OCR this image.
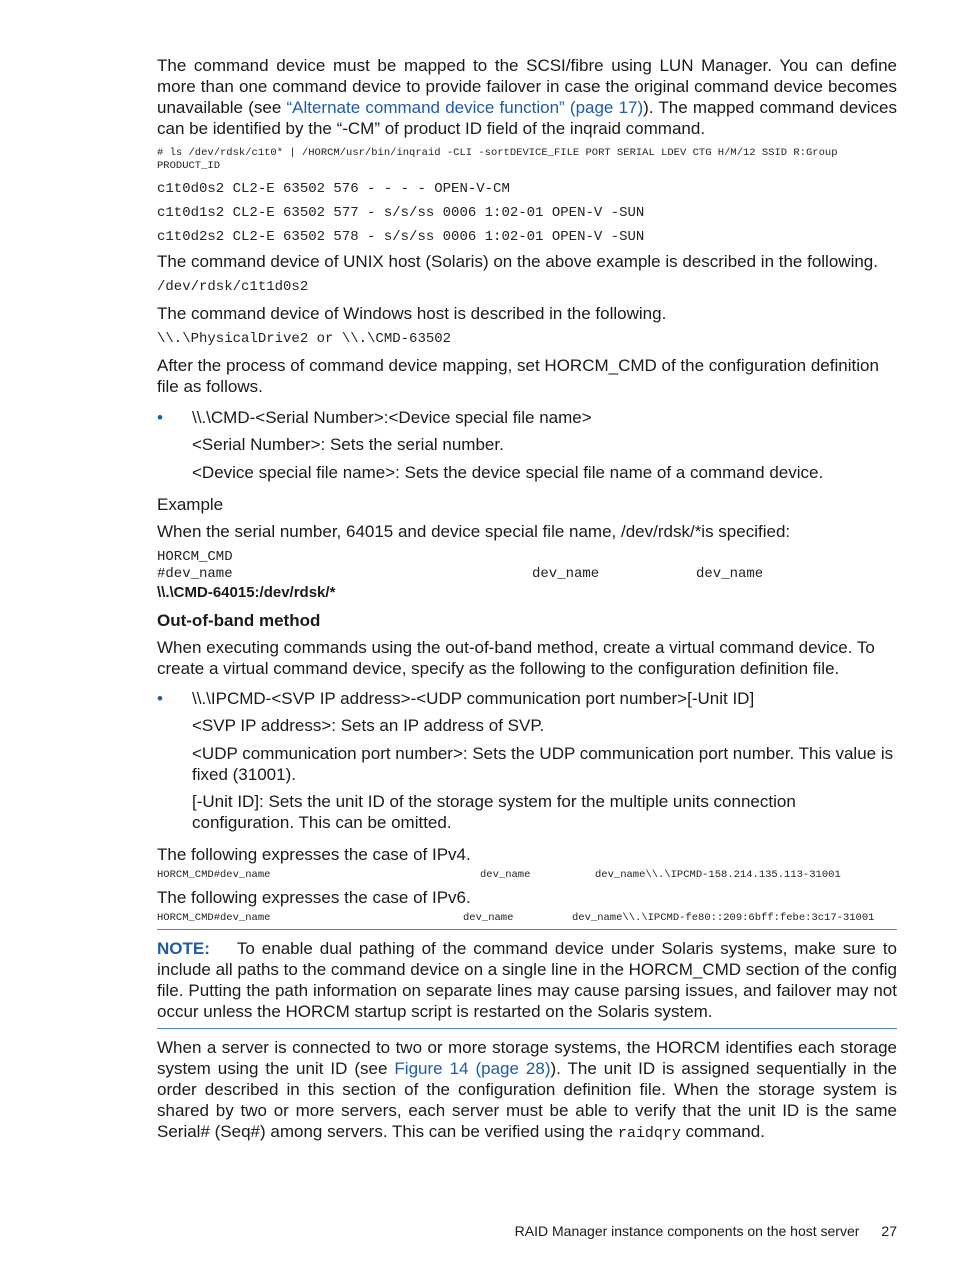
The command device must be mapped to the SCSI/fibre using LUN Manager. You can define more than one command device to provide failover in case the original command device becomes unavailable (see “Alternate command device function” (page 17)). The mapped command devices can be identified by the “-CM” of product ID field of the inqraid command.

# ls /dev/rdsk/c1t0* | /HORCM/usr/bin/inqraid -CLI -sortDEVICE_FILE PORT SERIAL LDEV CTG H/M/12 SSID R:Group
PRODUCT_ID
c1t0d0s2 CL2-E 63502 576 - - - - OPEN-V-CM
c1t0d1s2 CL2-E 63502 577 - s/s/ss 0006 1:02-01 OPEN-V -SUN
c1t0d2s2 CL2-E 63502 578 - s/s/ss 0006 1:02-01 OPEN-V -SUN

The command device of UNIX host (Solaris) on the above example is described in the following.

/dev/rdsk/c1t1d0s2

The command device of Windows host is described in the following.

\\.\PhysicalDrive2 or \\.\CMD-63502

After the process of command device mapping, set HORCM_CMD of the configuration definition file as follows.

• \\.\CMD-<Serial Number>:<Device special file name>

<Serial Number>: Sets the serial number.

<Device special file name>: Sets the device special file name of a command device.

Example

When the serial number, 64015 and device special file name, /dev/rdsk/*is specified:

HORCM_CMD
#dev_name	dev_name	dev_name
\\.\CMD-64015:/dev/rdsk/*

Out-of-band method

When executing commands using the out-of-band method, create a virtual command device. To create a virtual command device, specify as the following to the configuration definition file.

• \\.\IPCMD-<SVP IP address>-<UDP communication port number>[-Unit ID]

<SVP IP address>: Sets an IP address of SVP.

<UDP communication port number>: Sets the UDP communication port number. This value is fixed (31001).

[-Unit ID]: Sets the unit ID of the storage system for the multiple units connection configuration. This can be omitted.

The following expresses the case of IPv4.

HORCM_CMD#dev_name	dev_name	dev_name\\.\IPCMD-158.214.135.113-31001

The following expresses the case of IPv6.

HORCM_CMD#dev_name	dev_name	dev_name\\.\IPCMD-fe80::209:6bff:febe:3c17-31001

NOTE: To enable dual pathing of the command device under Solaris systems, make sure to include all paths to the command device on a single line in the HORCM_CMD section of the config file. Putting the path information on separate lines may cause parsing issues, and failover may not occur unless the HORCM startup script is restarted on the Solaris system.

When a server is connected to two or more storage systems, the HORCM identifies each storage system using the unit ID (see Figure 14 (page 28)). The unit ID is assigned sequentially in the order described in this section of the configuration definition file. When the storage system is shared by two or more servers, each server must be able to verify that the unit ID is the same Serial# (Seq#) among servers. This can be verified using the raidqry command.

RAID Manager instance components on the host server 27
